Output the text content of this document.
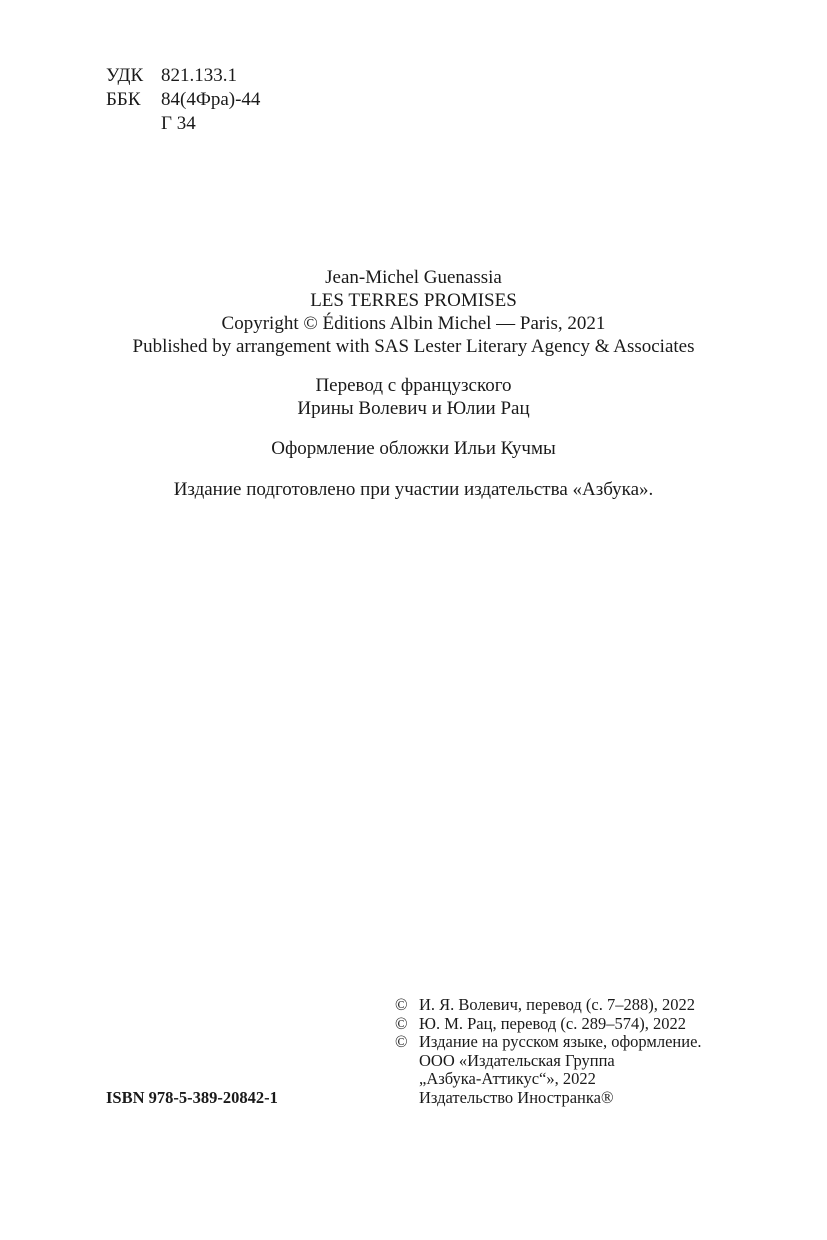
УДК 821.133.1
ББК	84(4Фра)-44
Г 34
Jean-Michel Guenassia
LES TERRES PROMISES
Copyright © Éditions Albin Michel — Paris, 2021
Published by arrangement with SAS Lester Literary Agency & Associates
Перевод с французского
Ирины Волевич и Юлии Рац
Оформление обложки Ильи Кучмы
Издание подготовлено при участии издательства «Азбука».
© И. Я. Волевич, перевод (с. 7–288), 2022
© Ю. М. Рац, перевод (с. 289–574), 2022
© Издание на русском языке, оформление.
ООО «Издательская Группа
„Азбука-Аттикус“», 2022
Издательство Иностранка®
ISBN 978-5-389-20842-1
